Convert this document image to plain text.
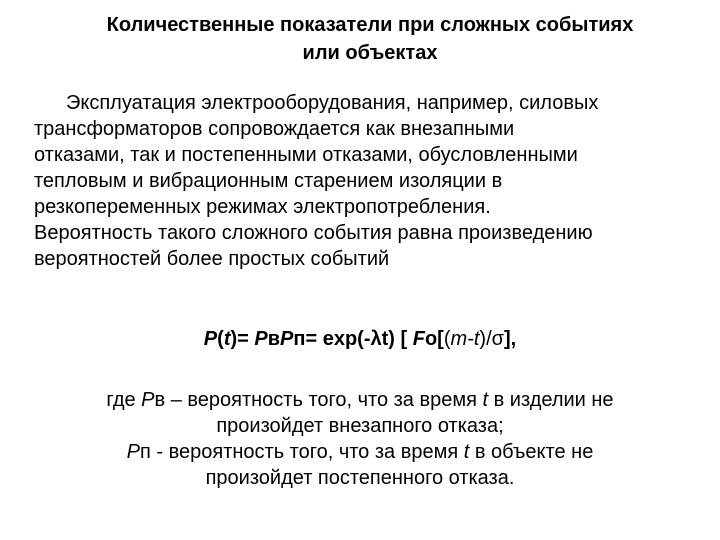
Количественные показатели при сложных событиях
или объектах
Эксплуатация электрооборудования, например, силовых
трансформаторов сопровождается как внезапными
отказами, так и постепенными отказами, обусловленными
тепловым и вибрационным старением изоляции в
резкопеременных режимах электропотребления.
Вероятность такого сложного события равна произведению
вероятностей более простых событий
P(t)= PвPп= exp(-λt) [ Fo[(m-t)/σ],
где Pв – вероятность того, что за время t в изделии не
произойдет внезапного отказа;
Pп - вероятность того, что за время t в объекте не
произойдет постепенного отказа.
